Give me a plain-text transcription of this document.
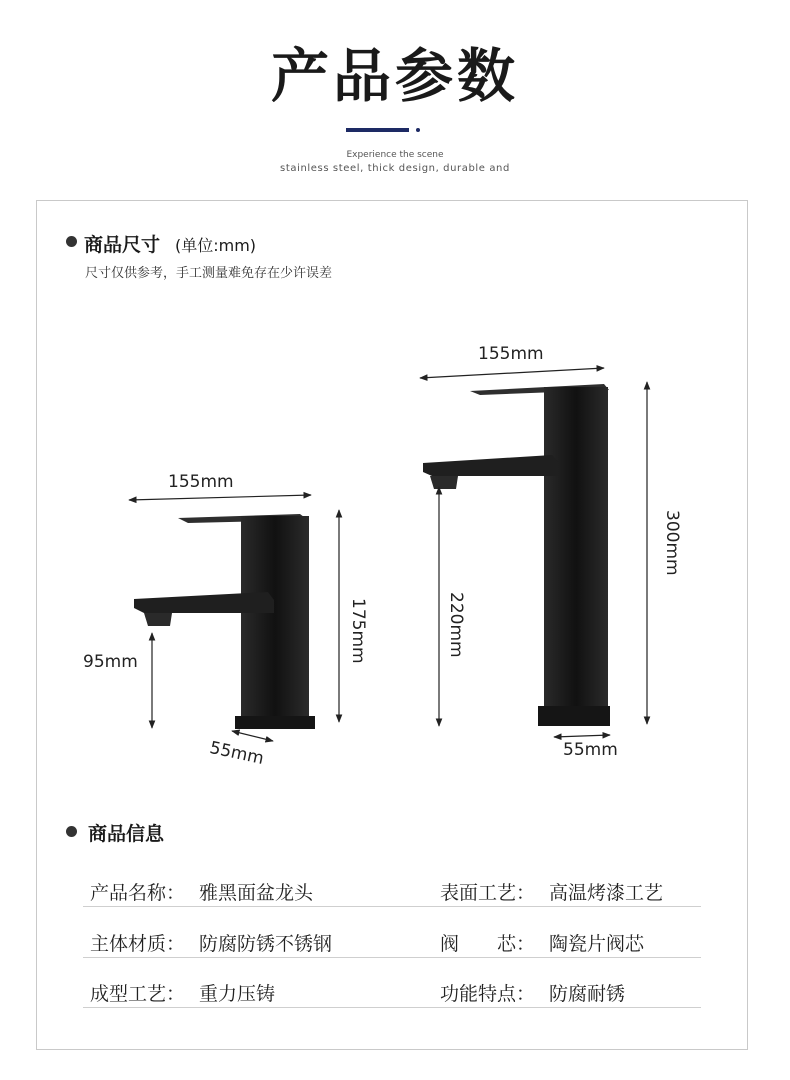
产品参数
Experience the scene
stainless steel, thick design, durable and
商品尺寸 (单位:mm)
尺寸仅供参考，手工测量难免存在少许误差
155mm
175mm
95mm
55mm
155mm
300mm
220mm
55mm
商品信息
产品名称： 雅黑面盆龙头	表面工艺： 高温烤漆工艺
主体材质： 防腐防锈不锈钢	阀　　芯： 陶瓷片阀芯
成型工艺： 重力压铸	功能特点： 防腐耐锈
